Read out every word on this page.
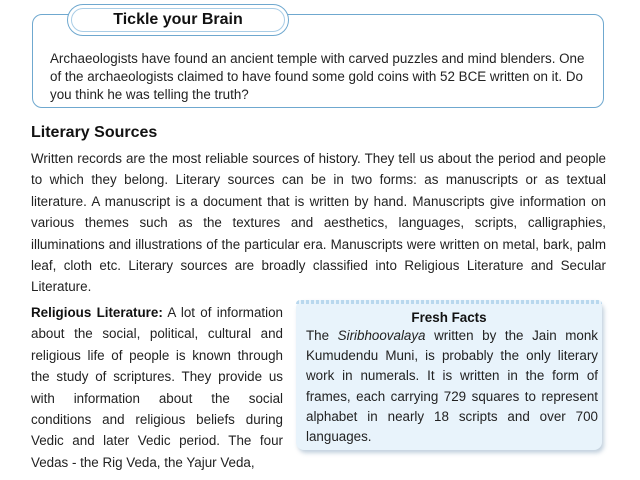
Tickle your Brain
Archaeologists have found an ancient temple with carved puzzles and mind blenders. One of the archaeologists claimed to have found some gold coins with 52 BCE written on it. Do you think he was telling the truth?
Literary Sources
Written records are the most reliable sources of history. They tell us about the period and people to which they belong. Literary sources can be in two forms: as manuscripts or as textual literature. A manuscript is a document that is written by hand. Manuscripts give information on various themes such as the textures and aesthetics, languages, scripts, calligraphies, illuminations and illustrations of the particular era. Manuscripts were written on metal, bark, palm leaf, cloth etc. Literary sources are broadly classified into Religious Literature and Secular Literature.
Religious Literature: A lot of information about the social, political, cultural and religious life of people is known through the study of scriptures. They provide us with information about the social conditions and religious beliefs during Vedic and later Vedic period. The four Vedas - the Rig Veda, the Yajur Veda,
Fresh Facts
The Siribhoovalaya written by the Jain monk Kumudendu Muni, is probably the only literary work in numerals. It is written in the form of frames, each carrying 729 squares to represent alphabet in nearly 18 scripts and over 700 languages.
